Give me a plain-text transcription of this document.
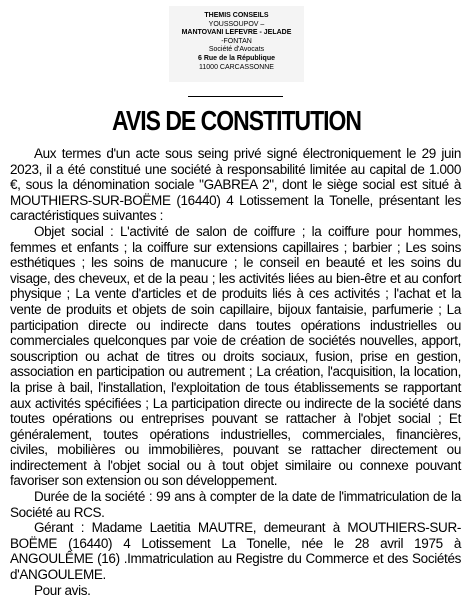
THEMIS CONSEILS
YOUSSOUPOV –
MANTOVANI LEFEVRE - JELADE
-FONTAN
Société d'Avocats
6 Rue de la République
11000 CARCASSONNE
AVIS DE CONSTITUTION

Aux termes d'un acte sous seing privé signé électroniquement le 29 juin 2023, il a été constitué une société à responsabilité limitée au capital de 1.000 €, sous la dénomination sociale "GABREA 2", dont le siège social est situé à MOUTHIERS-SUR-BOËME (16440) 4 Lotissement la Tonelle, présentant les caractéristiques suivantes :

Objet social : L'activité de salon de coiffure ; la coiffure pour hommes, femmes et enfants ; la coiffure sur extensions capillaires ; barbier ; Les soins esthétiques ; les soins de manucure ; le conseil en beauté et les soins du visage, des cheveux, et de la peau ; les activités liées au bien-être et au confort physique ; La vente d'articles et de produits liés à ces activités ; l'achat et la vente de produits et objets de soin capillaire, bijoux fantaisie, parfumerie ; La participation directe ou indirecte dans toutes opérations industrielles ou commerciales quelconques par voie de création de sociétés nouvelles, apport, souscription ou achat de titres ou droits sociaux, fusion, prise en gestion, association en participation ou autrement ; La création, l'acquisition, la location, la prise à bail, l'installation, l'exploitation de tous établissements se rapportant aux activités spécifiées ; La participation directe ou indirecte de la société dans toutes opérations ou entreprises pouvant se rattacher à l'objet social ; Et généralement, toutes opérations industrielles, commerciales, financières, civiles, mobilières ou immobilières, pouvant se rattacher directement ou indirectement à l'objet social ou à tout objet similaire ou connexe pouvant favoriser son extension ou son développement.

Durée de la société : 99 ans à compter de la date de l'immatriculation de la Société au RCS.

Gérant : Madame Laetitia MAUTRE, demeurant à MOUTHIERS-SUR-BOËME (16440) 4 Lotissement La Tonelle, née le 28 avril 1975 à ANGOULÊME (16) .Immatriculation au Registre du Commerce et des Sociétés d'ANGOULEME.

Pour avis.
